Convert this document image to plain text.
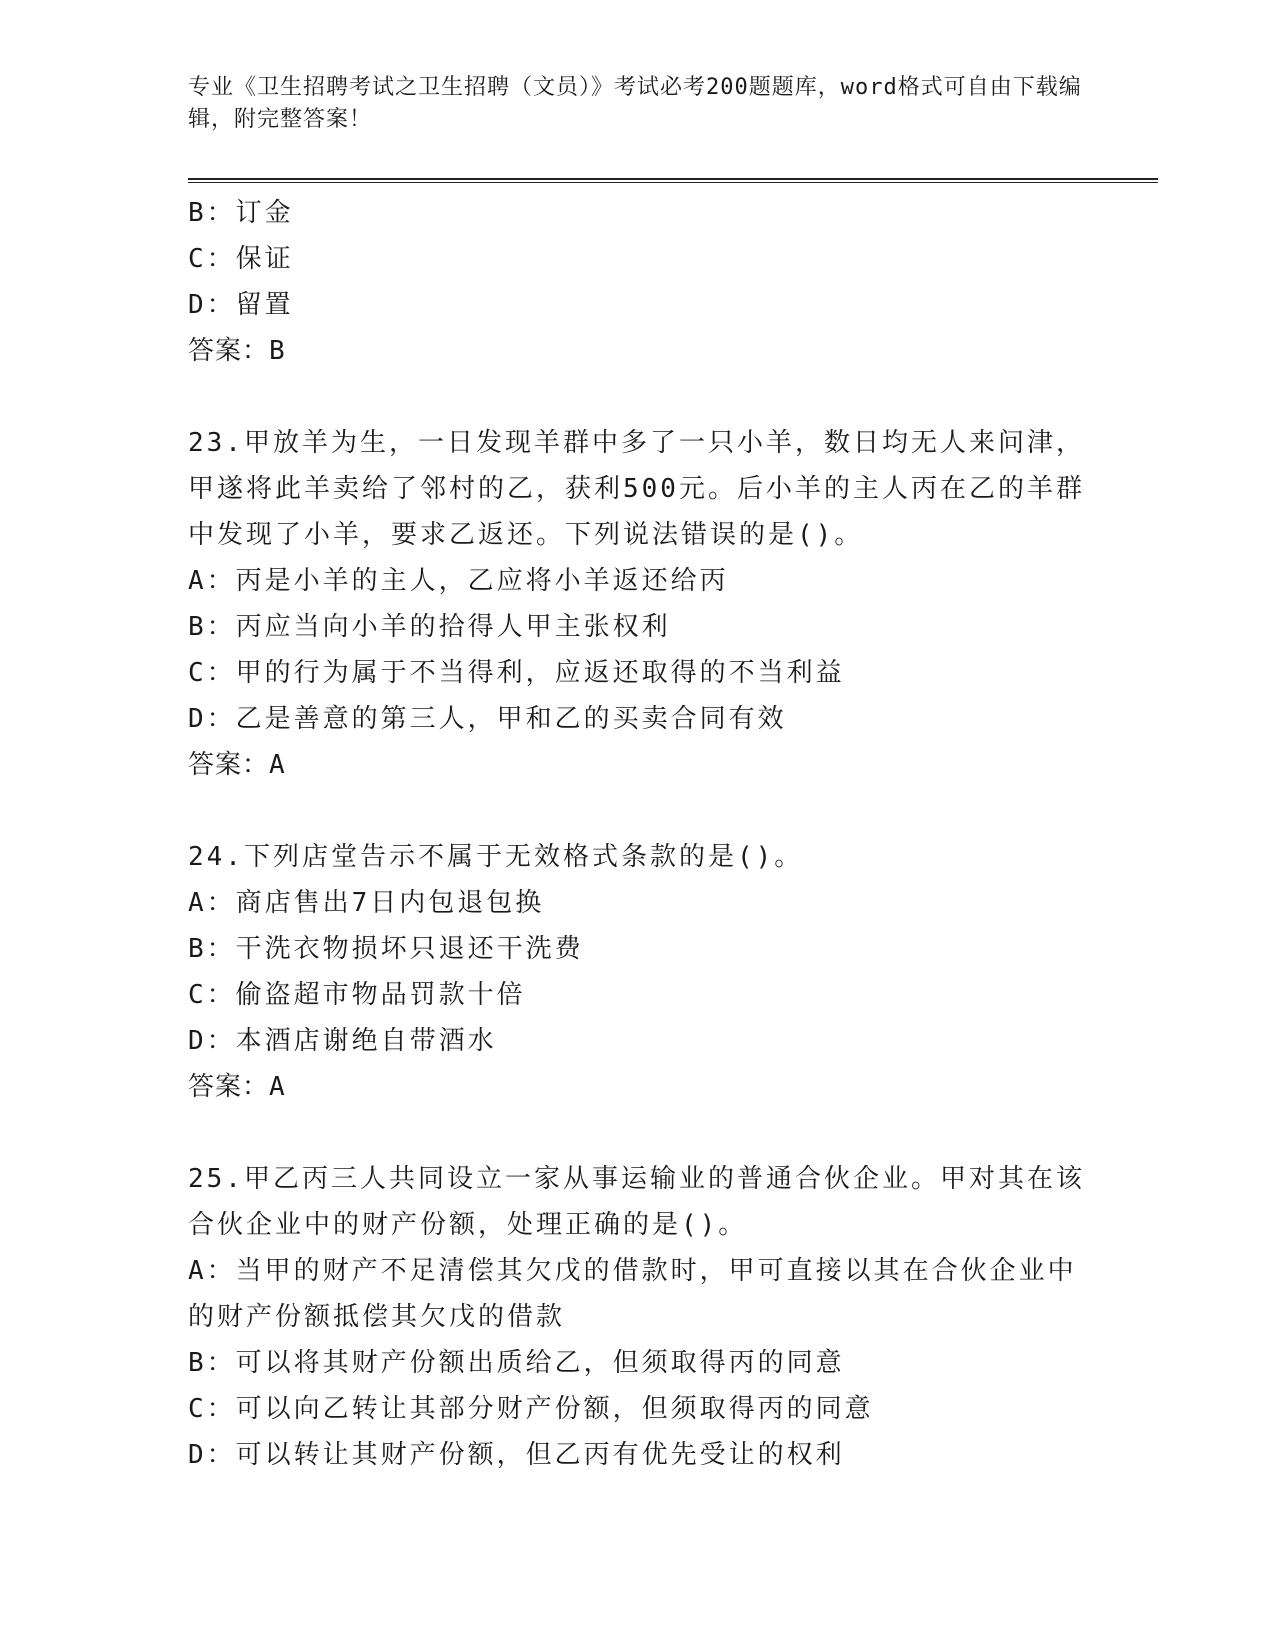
专业《卫生招聘考试之卫生招聘（文员）》考试必考200题题库，word格式可自由下载编辑，附完整答案！
B：订金
C：保证
D：留置
答案：B
23.甲放羊为生，一日发现羊群中多了一只小羊，数日均无人来问津，甲遂将此羊卖给了邻村的乙，获利500元。后小羊的主人丙在乙的羊群中发现了小羊，要求乙返还。下列说法错误的是()。
A：丙是小羊的主人，乙应将小羊返还给丙
B：丙应当向小羊的拾得人甲主张权利
C：甲的行为属于不当得利，应返还取得的不当利益
D：乙是善意的第三人，甲和乙的买卖合同有效
答案：A
24.下列店堂告示不属于无效格式条款的是()。
A：商店售出7日内包退包换
B：干洗衣物损坏只退还干洗费
C：偷盗超市物品罚款十倍
D：本酒店谢绝自带酒水
答案：A
25.甲乙丙三人共同设立一家从事运输业的普通合伙企业。甲对其在该合伙企业中的财产份额，处理正确的是()。
A：当甲的财产不足清偿其欠戊的借款时，甲可直接以其在合伙企业中的财产份额抵偿其欠戊的借款
B：可以将其财产份额出质给乙，但须取得丙的同意
C：可以向乙转让其部分财产份额，但须取得丙的同意
D：可以转让其财产份额，但乙丙有优先受让的权利
